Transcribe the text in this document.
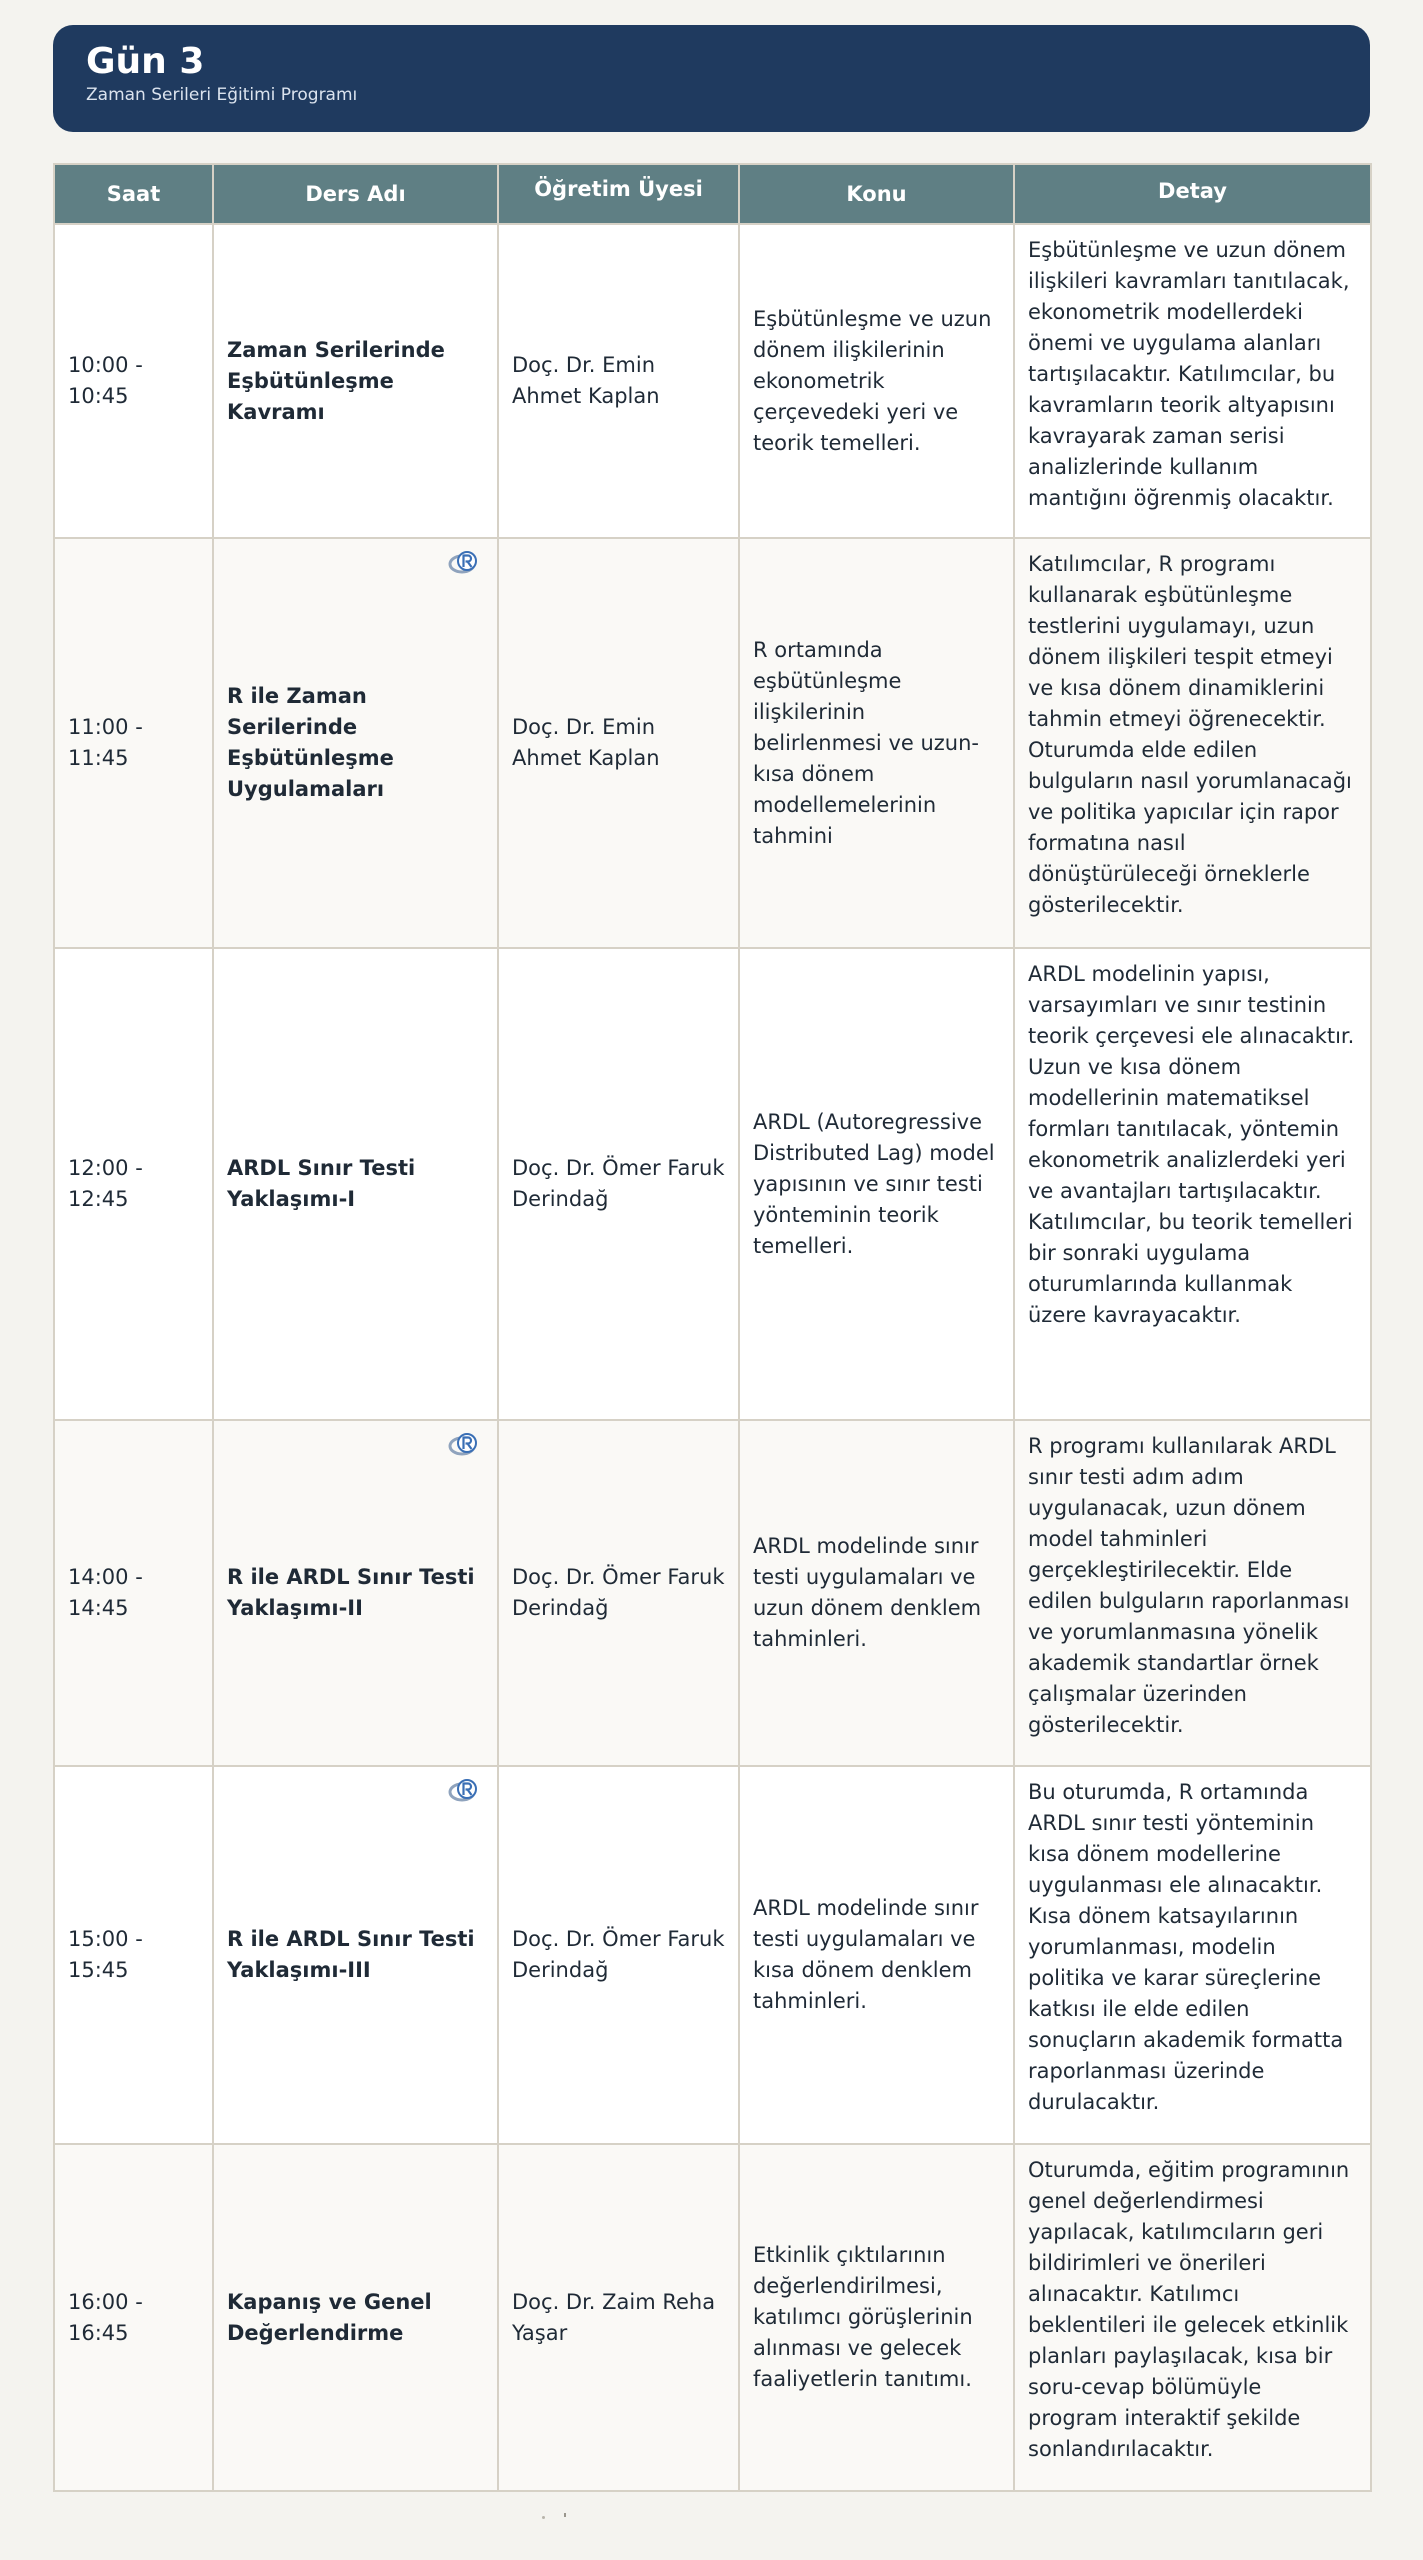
Gün 3
Zaman Serileri Eğitimi Programı
Saat	Ders Adı	Öğretim Üyesi	Konu	Detay
10:00 - 10:45	Zaman Serilerinde Eşbütünleşme Kavramı	Doç. Dr. Emin Ahmet Kaplan	Eşbütünleşme ve uzun dönem ilişkilerinin ekonometrik çerçevedeki yeri ve teorik temelleri.	Eşbütünleşme ve uzun dönem ilişkileri kavramları tanıtılacak, ekonometrik modellerdeki önemi ve uygulama alanları tartışılacaktır. Katılımcılar, bu kavramların teorik altyapısını kavrayarak zaman serisi analizlerinde kullanım mantığını öğrenmiş olacaktır.
11:00 - 11:45	R ile Zaman Serilerinde Eşbütünleşme Uygulamaları	Doç. Dr. Emin Ahmet Kaplan	R ortamında eşbütünleşme ilişkilerinin belirlenmesi ve uzun-kısa dönem modellemelerinin tahmini	Katılımcılar, R programı kullanarak eşbütünleşme testlerini uygulamayı, uzun dönem ilişkileri tespit etmeyi ve kısa dönem dinamiklerini tahmin etmeyi öğrenecektir. Oturumda elde edilen bulguların nasıl yorumlanacağı ve politika yapıcılar için rapor formatına nasıl dönüştürüleceği örneklerle gösterilecektir.
12:00 - 12:45	ARDL Sınır Testi Yaklaşımı-I	Doç. Dr. Ömer Faruk Derindağ	ARDL (Autoregressive Distributed Lag) model yapısının ve sınır testi yönteminin teorik temelleri.	ARDL modelinin yapısı, varsayımları ve sınır testinin teorik çerçevesi ele alınacaktır. Uzun ve kısa dönem modellerinin matematiksel formları tanıtılacak, yöntemin ekonometrik analizlerdeki yeri ve avantajları tartışılacaktır. Katılımcılar, bu teorik temelleri bir sonraki uygulama oturumlarında kullanmak üzere kavrayacaktır.
14:00 - 14:45	R ile ARDL Sınır Testi Yaklaşımı-II	Doç. Dr. Ömer Faruk Derindağ	ARDL modelinde sınır testi uygulamaları ve uzun dönem denklem tahminleri.	R programı kullanılarak ARDL sınır testi adım adım uygulanacak, uzun dönem model tahminleri gerçekleştirilecektir. Elde edilen bulguların raporlanması ve yorumlanmasına yönelik akademik standartlar örnek çalışmalar üzerinden gösterilecektir.
15:00 - 15:45	R ile ARDL Sınır Testi Yaklaşımı-III	Doç. Dr. Ömer Faruk Derindağ	ARDL modelinde sınır testi uygulamaları ve kısa dönem denklem tahminleri.	Bu oturumda, R ortamında ARDL sınır testi yönteminin kısa dönem modellerine uygulanması ele alınacaktır. Kısa dönem katsayılarının yorumlanması, modelin politika ve karar süreçlerine katkısı ile elde edilen sonuçların akademik formatta raporlanması üzerinde durulacaktır.
16:00 - 16:45	Kapanış ve Genel Değerlendirme	Doç. Dr. Zaim Reha Yaşar	Etkinlik çıktılarının değerlendirilmesi, katılımcı görüşlerinin alınması ve gelecek faaliyetlerin tanıtımı.	Oturumda, eğitim programının genel değerlendirmesi yapılacak, katılımcıların geri bildirimleri ve önerileri alınacaktır. Katılımcı beklentileri ile gelecek etkinlik planları paylaşılacak, kısa bir soru-cevap bölümüyle program interaktif şekilde sonlandırılacaktır.
